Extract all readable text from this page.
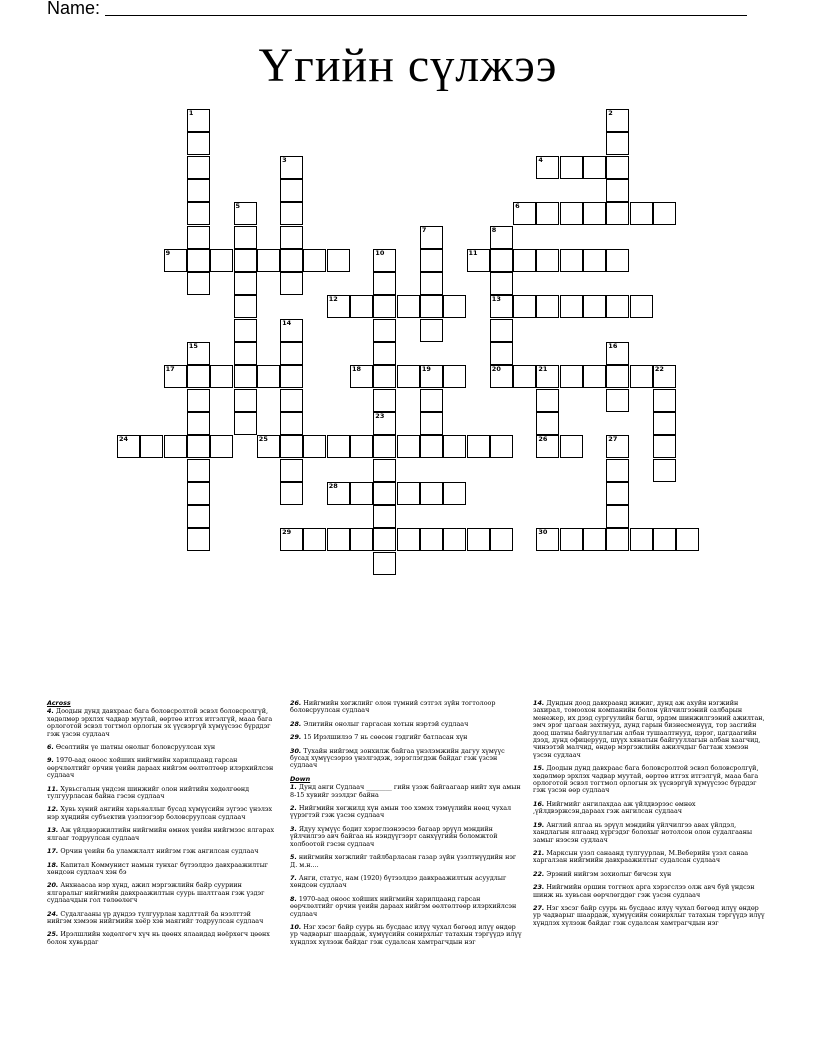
Name:
Үгийн сүлжээ
1	2
3	4
5	6
7	8
13
9	10
23
11
12
14
15	16
17	18	19	20	21	22
26
24	25	27
28
29	30
Across
4. Доодын дунд давхраас бага боловсролтой эсвэл боловсролгүй, хөдөлмөр эрхлэх чадвар муутай, өөртөө итгэх итгэлгүй, мааа бага орлоготой эсвэл тогтмол орлогын эх үүсвэргүй хүмүүсээс бүрддэг гэж үзсэн судлаач
6. Өсөлтийн үе шатны онолыг боловсруулсан хүн
9. 1970-аад оноос хойших нийгмийн харилцаанд гарсан өөрчлөлтийг орчин үеийн дараах нийгэм өөлтөлтөөр илэрхийлсэн судлаач
11. Хувьсгалын үндсэн шинжийг олон нийтийн хөдөлгөөнд тулгуурласан байна гэсэн судлаач
12. Хувь хүний ангийн харьяаллыг бусад хүмүүсийн зүгээс үнэлэх нэр хүндийн субъектив үзэлээгээр боловсруулсан судлаач
13. Аж үйлдвэржилтийн нийгмийн өмнөх үеийн нийгмээс ялгарах ялгааг тодруулсан судлаач
17. Орчин үеийн ба уламжлалт нийгэм гэж ангилсан судлаач
18. Капитал Коммунист намын тунхаг бүтээлдээ давхраажилтыг хөндсөн судлаач хэн бэ
20. Анхнаасаа нэр хүнд, ажил мэргэжлийн байр сууриин ялгаралыг нийгмийн давхраажилтын суурь шалтгаан гэж үздэг судлаачдын гол төлөөлөгч
24. Судалгааны үр дүндээ тулгуурлан хадлттай ба нээлттэй нийгэм хэмээн нийгмийн хөёр хэв маягийг тодруулсан судлаач
25. Ирэлшлийн хөдөлгөгч хүч нь цөөнх ялааидад нөёрхөгч цөөнх болон хувьрдаг
26. Нийгмийн хөгжлийг олон түмний сэтгэл зүйн тогтолоор боловсруулсан судлаач
28. Элитийн онолыг гаргасан хотын нэртэй судлаач
29. 15 Ирэлшилээ 7 нь сөөсөн гэдгийг батласан хүн
30. Тухайн нийгэмд зонхилж байгаа үнэлэмжийн дагуу хүмүүс бусад хүмүүсээрээ үнэлгэдэж, ээрэглэгдэж байдаг гэж үзсэн судлаач
Down
1. Дунд анги Судлаач ________ гийн үзэж байгаагаар нийт хүн амын 8-15 хувийг эзэлдэг байна
2. Нийгмийн хөгжилд хүн амын тоо хэмэх тэмүүлийн нөөц чухал үүрэгтэй гэж үзсэн судлаач
3. Ядуу хүмүүс бодит хэрэглээнээсээ багаар эрүүл мэндийн үйлчилгээ авч байгаа нь нэндүүгээрт санхүүгийн боломжтой холбоотой гэсэн судлаач
5. нийгмийн хөгжлийг тайлбарласан газар зүйн үзэлтнүүдийн нэг Д. м.н....
7. Анги, статус, нам (1920) бүтээлдээ давхраажилтын асуудлыг хөндсөн судлаач
8. 1970-аад оноос хойших нийгмийн харилцаанд гарсан өөрчлөлтийг орчин үеийн дараах нийгэм өөлтөлтөөр илэрхийлсэн судлаач
10. Нэг хэсэг байр суурь нь бусдаас илүү чухал бөгөөд илүү өндөр ур чадварыг шаардаж, хүмүүсийн сонирхлыг татахын тэргүүдэ илүү хүндлэх хүлээж байдаг гэж судалсан хамтрагчдын нэг
14. Дундын доод давхраанд жижиг, дунд аж ахуйн нэгжийн захирал, томоохон компанийн болон үйлчилгээний салбарын менежер, их дээд сургуулийн багш, эрдэм шинжилгээний ажилтан, эмч эрэг цагаан захтнууд, дунд гарын бизнесменүүд, тор засгийн доод шатны байгууллагын албан тушаалтнууд, цэрэг, цагдаагийн дээд, дунд офицерууд, шүүх хянатын байгууллагын албан хаагчид, чинээтэй малчид, өндөр мэргэжлийн ажилчдыг багтаж хэмээн үзсэн судлаач
15. Доодын дунд давхраас бага боловсролтой эсвэл боловсролгүй, хөдөлмөр эрхлэх чадвар муутай, өөртөө итгэх итгэлгүй, мааа бага орлоготой эсвэл тогтмол орлогын эх үүсвэргүй хүмүүсээс бүрддэг гэж үзсэн өөр судлаач
16. Нийгмийг ангилахдаа аж үйлдвэрээс өмнөх ,үйлдвэржсэн,дараах гэж ангилсан судлаач
19. Англий ялгаа нь эрүүл мэндийн үйлчилгээ авах үйлдэл, хандлагын ялгаанд хүргэдэг болохыг нотолсон олон судалгааны замыг нээсэн судлаач
21. Марксын үзэл санаанд тулгуурлан, М.Веберийн үзэл санаа харгалзан нийгмийн давхраажилтыг судалсан судлаач
22. Эрэний нийгэм зохиолыг бичсэн хүн
23. Нийгмийн оршин тоггнох арга хэрэгслээ олж авч буй үндсэн шинж нь хувьсан өөрчлөгддөг гэж үзсэн судлаач
27. Нэг хэсэг байр суурь нь бусдаас илүү чухал бөгөөд илүү өндөр ур чадварыг шаардаж, хүмүүсийн сонирхлыг татахын тэргүүдэ илүү хүндлэх хүлээж байдаг гэж судалсан хамтрагчдын нэг
